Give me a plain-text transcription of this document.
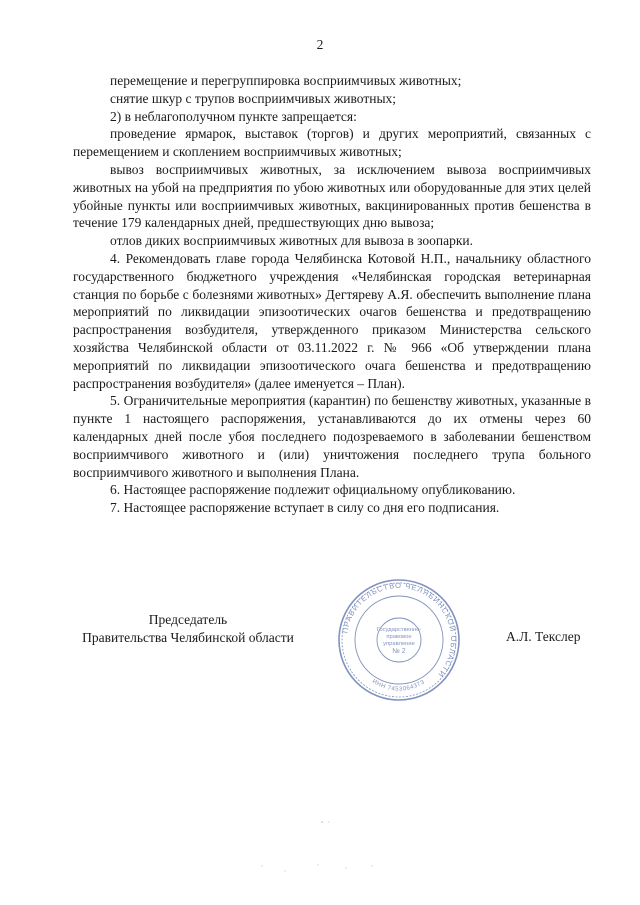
2

перемещение и перегруппировка восприимчивых животных;

снятие шкур с трупов восприимчивых животных;

2) в неблагополучном пункте запрещается:

проведение ярмарок, выставок (торгов) и других мероприятий, связанных с перемещением и скоплением восприимчивых животных;

вывоз восприимчивых животных, за исключением вывоза восприимчивых животных на убой на предприятия по убою животных или оборудованные для этих целей убойные пункты или восприимчивых животных, вакцинированных против бешенства в течение 179 календарных дней, предшествующих дню вывоза;

отлов диких восприимчивых животных для вывоза в зоопарки.

4. Рекомендовать главе города Челябинска Котовой Н.П., начальнику областного государственного бюджетного учреждения «Челябинская городская ветеринарная станция по борьбе с болезнями животных» Дегтяреву А.Я. обеспечить выполнение плана мероприятий по ликвидации эпизоотических очагов бешенства и предотвращению распространения возбудителя, утвержденного приказом Министерства сельского хозяйства Челябинской области от 03.11.2022 г. № 966 «Об утверждении плана мероприятий по ликвидации эпизоотического очага бешенства и предотвращению распространения возбудителя» (далее именуется – План).

5. Ограничительные мероприятия (карантин) по бешенству животных, указанные в пункте 1 настоящего распоряжения, устанавливаются до их отмены через 60 календарных дней после убоя последнего подозреваемого в заболевании бешенством восприимчивого животного и (или) уничтожения последнего трупа больного восприимчивого животного и выполнения Плана.

6. Настоящее распоряжение подлежит официальному опубликованию.

7. Настоящее распоряжение вступает в силу со дня его подписания.

Председатель
Правительства Челябинской области
ПРАВИТЕЛЬСТВО ЧЕЛЯБИНСКОЙ ОБЛАСТИ
ИНН 7453064373
Государственно-
правовое
управление
№ 2
А.Л. Текслер
